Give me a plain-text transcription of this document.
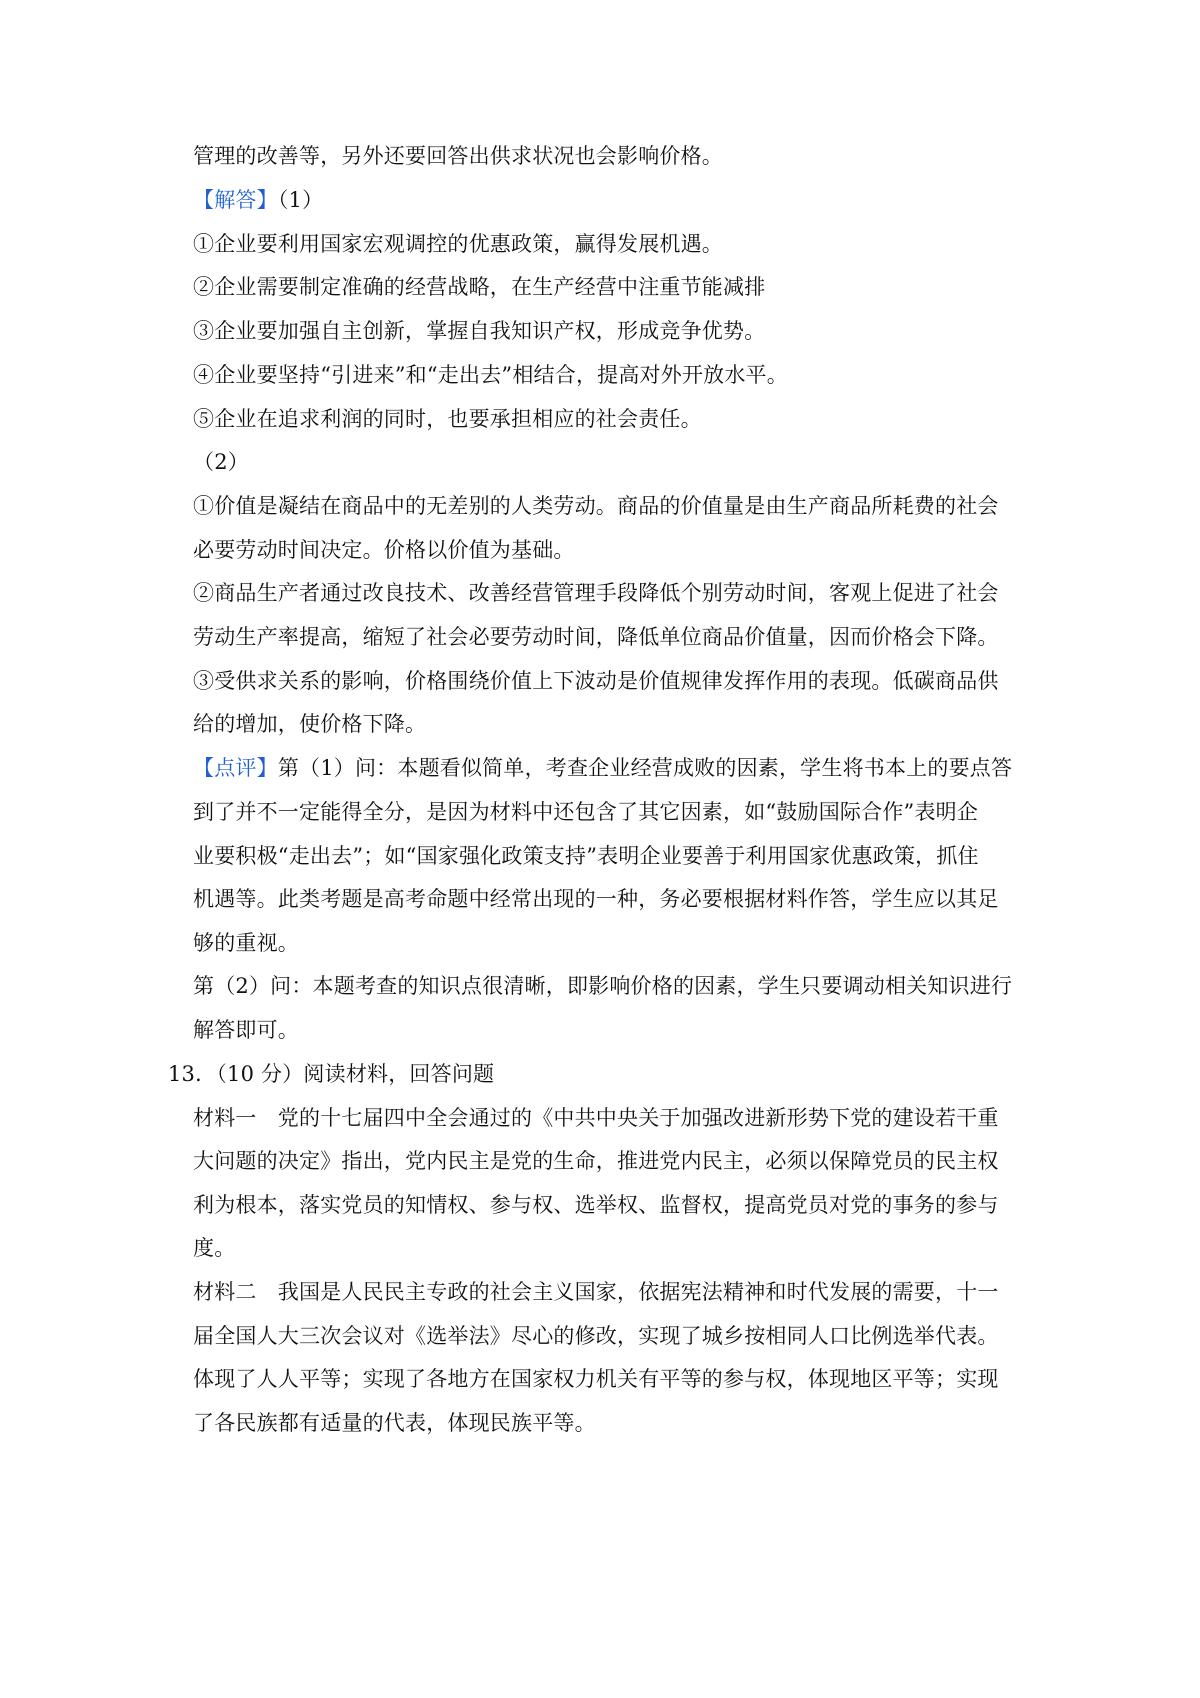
管理的改善等，另外还要回答出供求状况也会影响价格。
【解答】（1）
①企业要利用国家宏观调控的优惠政策，赢得发展机遇。
②企业需要制定准确的经营战略，在生产经营中注重节能减排
③企业要加强自主创新，掌握自我知识产权，形成竞争优势。
④企业要坚持“引进来”和“走出去”相结合，提高对外开放水平。
⑤企业在追求利润的同时，也要承担相应的社会责任。
（2）
①价值是凝结在商品中的无差别的人类劳动。商品的价值量是由生产商品所耗费的社会
必要劳动时间决定。价格以价值为基础。
②商品生产者通过改良技术、改善经营管理手段降低个别劳动时间，客观上促进了社会
劳动生产率提高，缩短了社会必要劳动时间，降低单位商品价值量，因而价格会下降。
③受供求关系的影响，价格围绕价值上下波动是价值规律发挥作用的表现。低碳商品供
给的增加，使价格下降。
【点评】第（1）问：本题看似简单，考查企业经营成败的因素，学生将书本上的要点答
到了并不一定能得全分，是因为材料中还包含了其它因素，如“鼓励国际合作”表明企
业要积极“走出去”；如“国家强化政策支持”表明企业要善于利用国家优惠政策，抓住
机遇等。此类考题是高考命题中经常出现的一种，务必要根据材料作答，学生应以其足
够的重视。
第（2）问：本题考查的知识点很清晰，即影响价格的因素，学生只要调动相关知识进行
解答即可。
13．（10 分）阅读材料，回答问题
材料一　党的十七届四中全会通过的《中共中央关于加强改进新形势下党的建设若干重
大问题的决定》指出，党内民主是党的生命，推进党内民主，必须以保障党员的民主权
利为根本，落实党员的知情权、参与权、选举权、监督权，提高党员对党的事务的参与
度。
材料二　我国是人民民主专政的社会主义国家，依据宪法精神和时代发展的需要，十一
届全国人大三次会议对《选举法》尽心的修改，实现了城乡按相同人口比例选举代表。
体现了人人平等；实现了各地方在国家权力机关有平等的参与权，体现地区平等；实现
了各民族都有适量的代表，体现民族平等。
